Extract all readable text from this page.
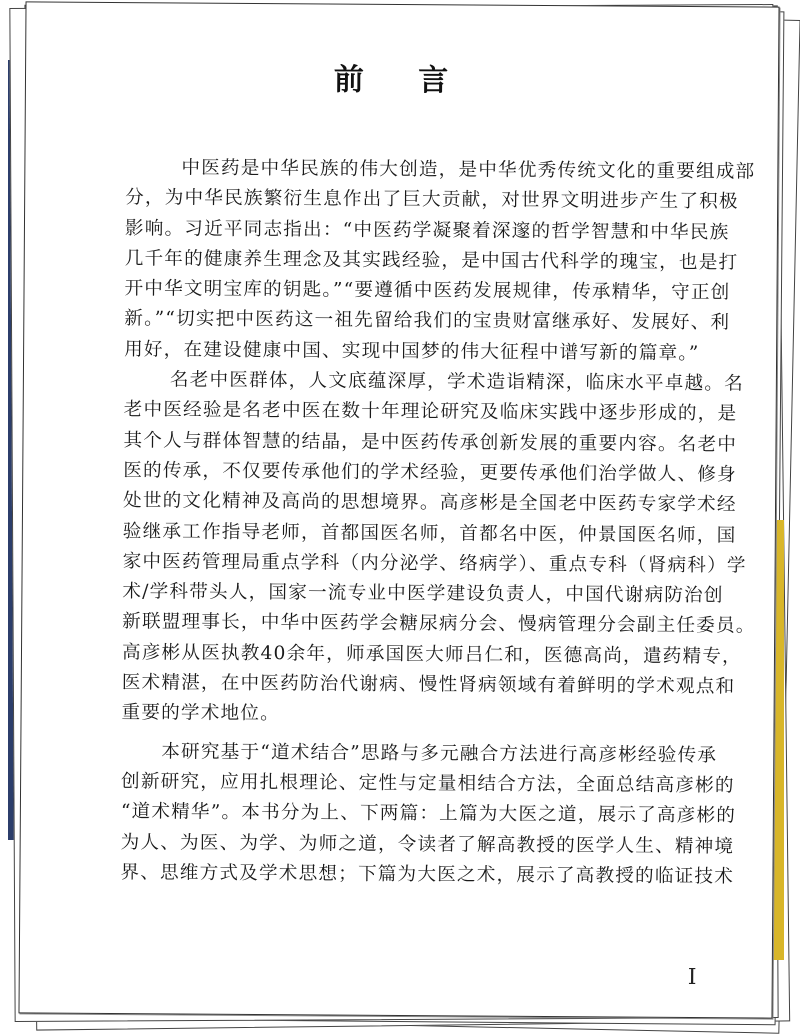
前 言
中医药是中华民族的伟大创造，是中华优秀传统文化的重要组成部
分，为中华民族繁衍生息作出了巨大贡献，对世界文明进步产生了积极
影响。习近平同志指出：“中医药学凝聚着深邃的哲学智慧和中华民族
几千年的健康养生理念及其实践经验，是中国古代科学的瑰宝，也是打
开中华文明宝库的钥匙。”“要遵循中医药发展规律，传承精华，守正创
新。”“切实把中医药这一祖先留给我们的宝贵财富继承好、发展好、利
用好，在建设健康中国、实现中国梦的伟大征程中谱写新的篇章。”
名老中医群体，人文底蕴深厚，学术造诣精深，临床水平卓越。名
老中医经验是名老中医在数十年理论研究及临床实践中逐步形成的，是
其个人与群体智慧的结晶，是中医药传承创新发展的重要内容。名老中
医的传承，不仅要传承他们的学术经验，更要传承他们治学做人、修身
处世的文化精神及高尚的思想境界。高彦彬是全国老中医药专家学术经
验继承工作指导老师，首都国医名师，首都名中医，仲景国医名师，国
家中医药管理局重点学科（内分泌学、络病学）、重点专科（肾病科）学
术/学科带头人，国家一流专业中医学建设负责人，中国代谢病防治创
新联盟理事长，中华中医药学会糖尿病分会、慢病管理分会副主任委员。
高彦彬从医执教40余年，师承国医大师吕仁和，医德高尚，遣药精专，
医术精湛，在中医药防治代谢病、慢性肾病领域有着鲜明的学术观点和
重要的学术地位。
本研究基于“道术结合”思路与多元融合方法进行高彦彬经验传承
创新研究，应用扎根理论、定性与定量相结合方法，全面总结高彦彬的
“道术精华”。本书分为上、下两篇：上篇为大医之道，展示了高彦彬的
为人、为医、为学、为师之道，令读者了解高教授的医学人生、精神境
界、思维方式及学术思想；下篇为大医之术，展示了高教授的临证技术
I
